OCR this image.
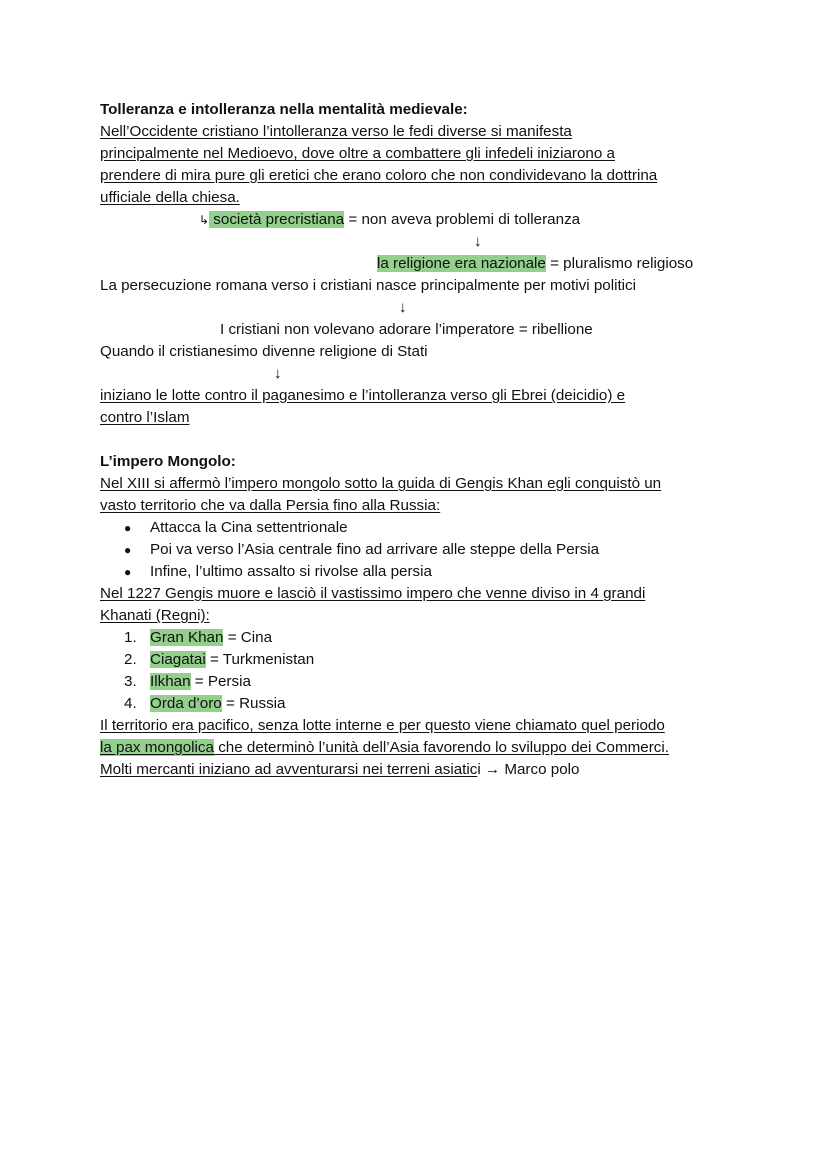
Tolleranza e intolleranza nella mentalità medievale:
Nell’Occidente cristiano l’intolleranza verso le fedi diverse si manifesta
principalmente nel Medioevo, dove oltre a combattere gli infedeli iniziarono a
prendere di mira pure gli eretici che erano coloro che non condividevano la dottrina
ufficiale della chiesa.
↳ società precristiana = non aveva problemi di tolleranza
↓
la religione era nazionale = pluralismo religioso
La persecuzione romana verso i cristiani nasce principalmente per motivi politici
↓
I cristiani non volevano adorare l’imperatore = ribellione
Quando il cristianesimo divenne religione di Stati
↓
iniziano le lotte contro il paganesimo e l’intolleranza verso gli Ebrei (deicidio) e
contro l’Islam
L’impero Mongolo:
Nel XIII si affermò l’impero mongolo sotto la guida di Gengis Khan egli conquistò un
vasto territorio che va dalla Persia fino alla Russia:
● Attacca la Cina settentrionale
● Poi va verso l’Asia centrale fino ad arrivare alle steppe della Persia
● Infine, l’ultimo assalto si rivolse alla persia
Nel 1227 Gengis muore e lasciò il vastissimo impero che venne diviso in 4 grandi
Khanati (Regni):
1. Gran Khan = Cina
2. Ciagatai = Turkmenistan
3. Ilkhan = Persia
4. Orda d’oro = Russia
Il territorio era pacifico, senza lotte interne e per questo viene chiamato quel periodo
la pax mongolica che determinò l’unità dell’Asia favorendo lo sviluppo dei Commerci.
Molti mercanti iniziano ad avventurarsi nei terreni asiatici → Marco polo
